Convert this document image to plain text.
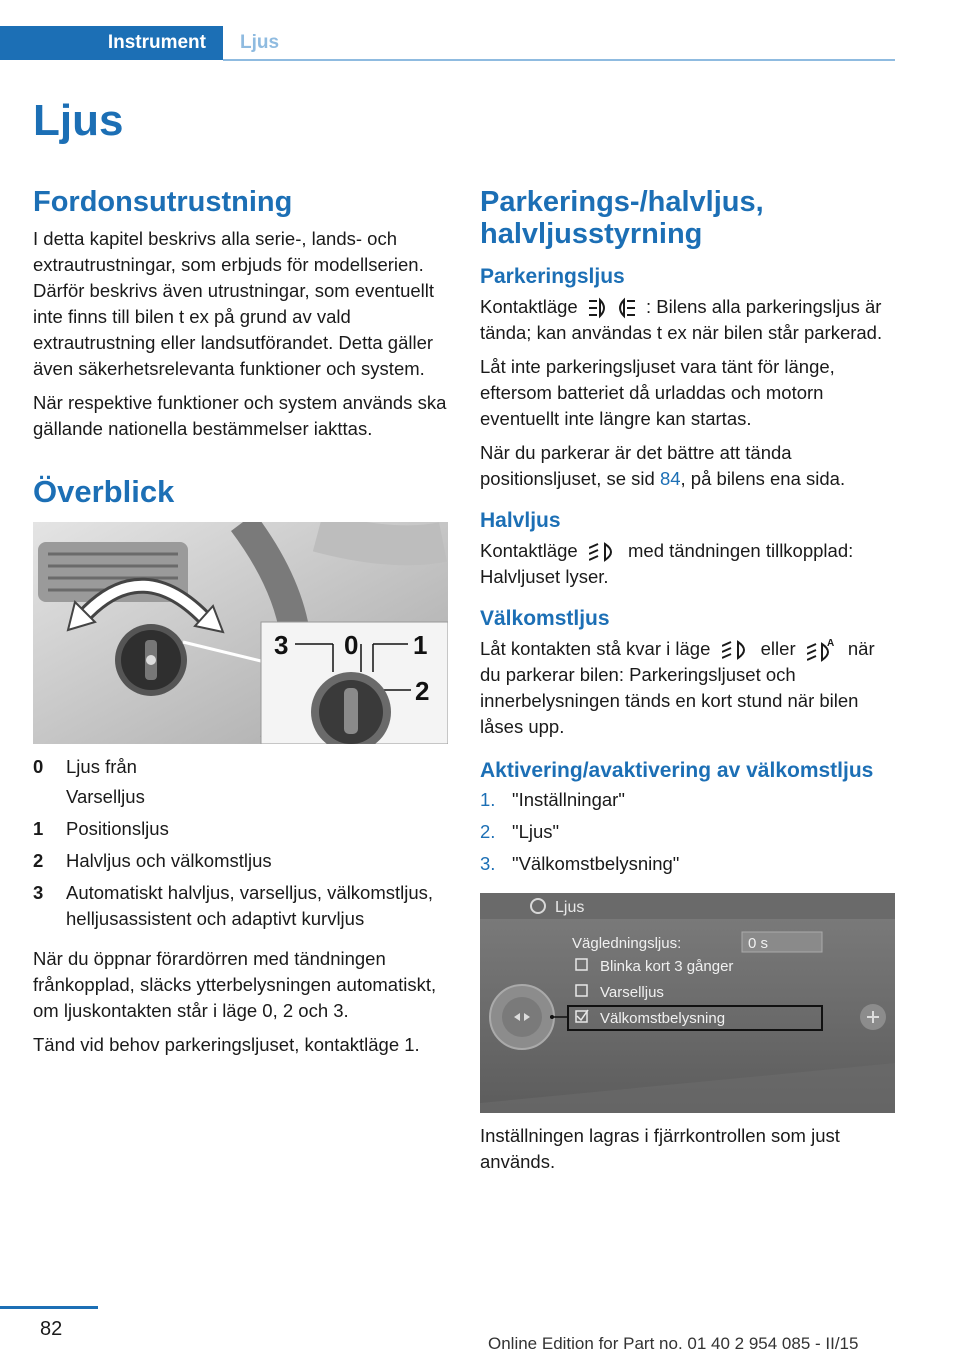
Instrument	Ljus
Ljus
Fordonsutrustning

I detta kapitel beskrivs alla serie-, lands- och extrautrustningar, som erbjuds för modellserien. Därför beskrivs även utrustningar, som eventuellt inte finns till bilen t ex på grund av vald extrautrustning eller landsutförandet. Detta gäller även säkerhetsrelevanta funktioner och system.

När respektive funktioner och system används ska gällande nationella bestämmelser iakttas.

Överblick
3 0 1
2
0	Ljus från
Varselljus
1	Positionsljus
2	Halvljus och välkomstljus
3	Automatiskt halvljus, varselljus, välkomstljus, helljusassistent och adaptivt kurvljus

När du öppnar förardörren med tändningen frånkopplad, släcks ytterbelysningen automatiskt, om ljuskontakten står i läge 0, 2 och 3.

Tänd vid behov parkeringsljuset, kontaktläge 1.

Parkerings-/halvljus, halvljusstyrning
Parkeringsljus

Kontaktläge	: Bilens alla parkeringsljus är tända; kan användas t ex när bilen står parkerad.

Låt inte parkeringsljuset vara tänt för länge, eftersom batteriet då urladdas och motorn eventuellt inte längre kan startas.

När du parkerar är det bättre att tända positionsljuset, se sid 84, på bilens ena sida.

Halvljus

Kontaktläge	med tändningen tillkopplad: Halvljuset lyser.

Välkomstljus

Låt kontakten stå kvar i läge	eller	A när du parkerar bilen: Parkeringsljuset och innerbelysningen tänds en kort stund när bilen låses upp.

Aktivering/avaktivering av välkomstljus
1. "Inställningar"
2. "Ljus"
3. "Välkomstbelysning"
Ljus
Vägledningsljus:	0 s
Blinka kort 3 gånger
Varselljus
Välkomstbelysning

Inställningen lagras i fjärrkontrollen som just används.

82
Online Edition for Part no. 01 40 2 954 085 - II/15
